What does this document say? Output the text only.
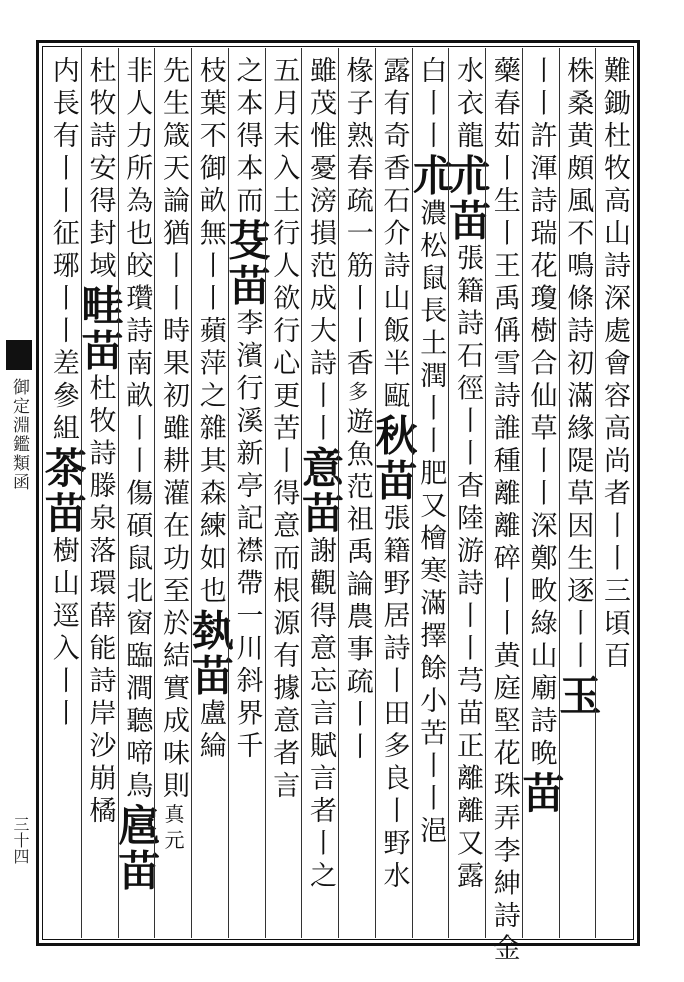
御定淵鑑類函
三十四
難鋤杜牧高山詩深處會容高尚者丨丨三頃百
株桑黄頗風不鳴條詩初滿緣隄草因生逐丨丨玉
丨丨許渾詩瑞花瓊樹合仙草丨丨深鄭畋綠山廟詩晩苗
藥春茹丨生丨王禹偁雪詩誰種離離碎丨丨黄庭堅花珠弄李紳詩金
水衣龍朮苗張籍詩石徑丨丨杳陸游詩丨丨芎苗正離離又露
白丨丨朮濃松鼠長土潤丨丨肥又檜寒滿擇餘小苦丨丨浥
露有奇香石介詩山飯半甌秋苗張籍野居詩丨田多良丨野水
椽子熟春疏一筋丨丨香多遊魚范祖禹論農事疏丨丨
雖茂惟憂滂損范成大詩丨丨意苗謝觀得意忘言賦言者丨之
五月末入土行人欲行心更苦丨得意而根源有據意者言
之本得本而芟苗李濱行溪新亭記襟帶一川斜界千
枝葉不御畝無丨丨蘋萍之雜其森練如也埶苗盧綸
先生箴天論猶丨丨時果初雖耕灌在功至於結實成味則真元
非人力所為也皎瓚詩南畝丨丨傷碩鼠北窗臨澗聽啼鳥扈苗
杜牧詩安得封域畦苗杜牧詩滕泉落環薛能詩岸沙崩橘
内長有丨丨征琊丨丨差參組茶苗樹山逕入丨丨
